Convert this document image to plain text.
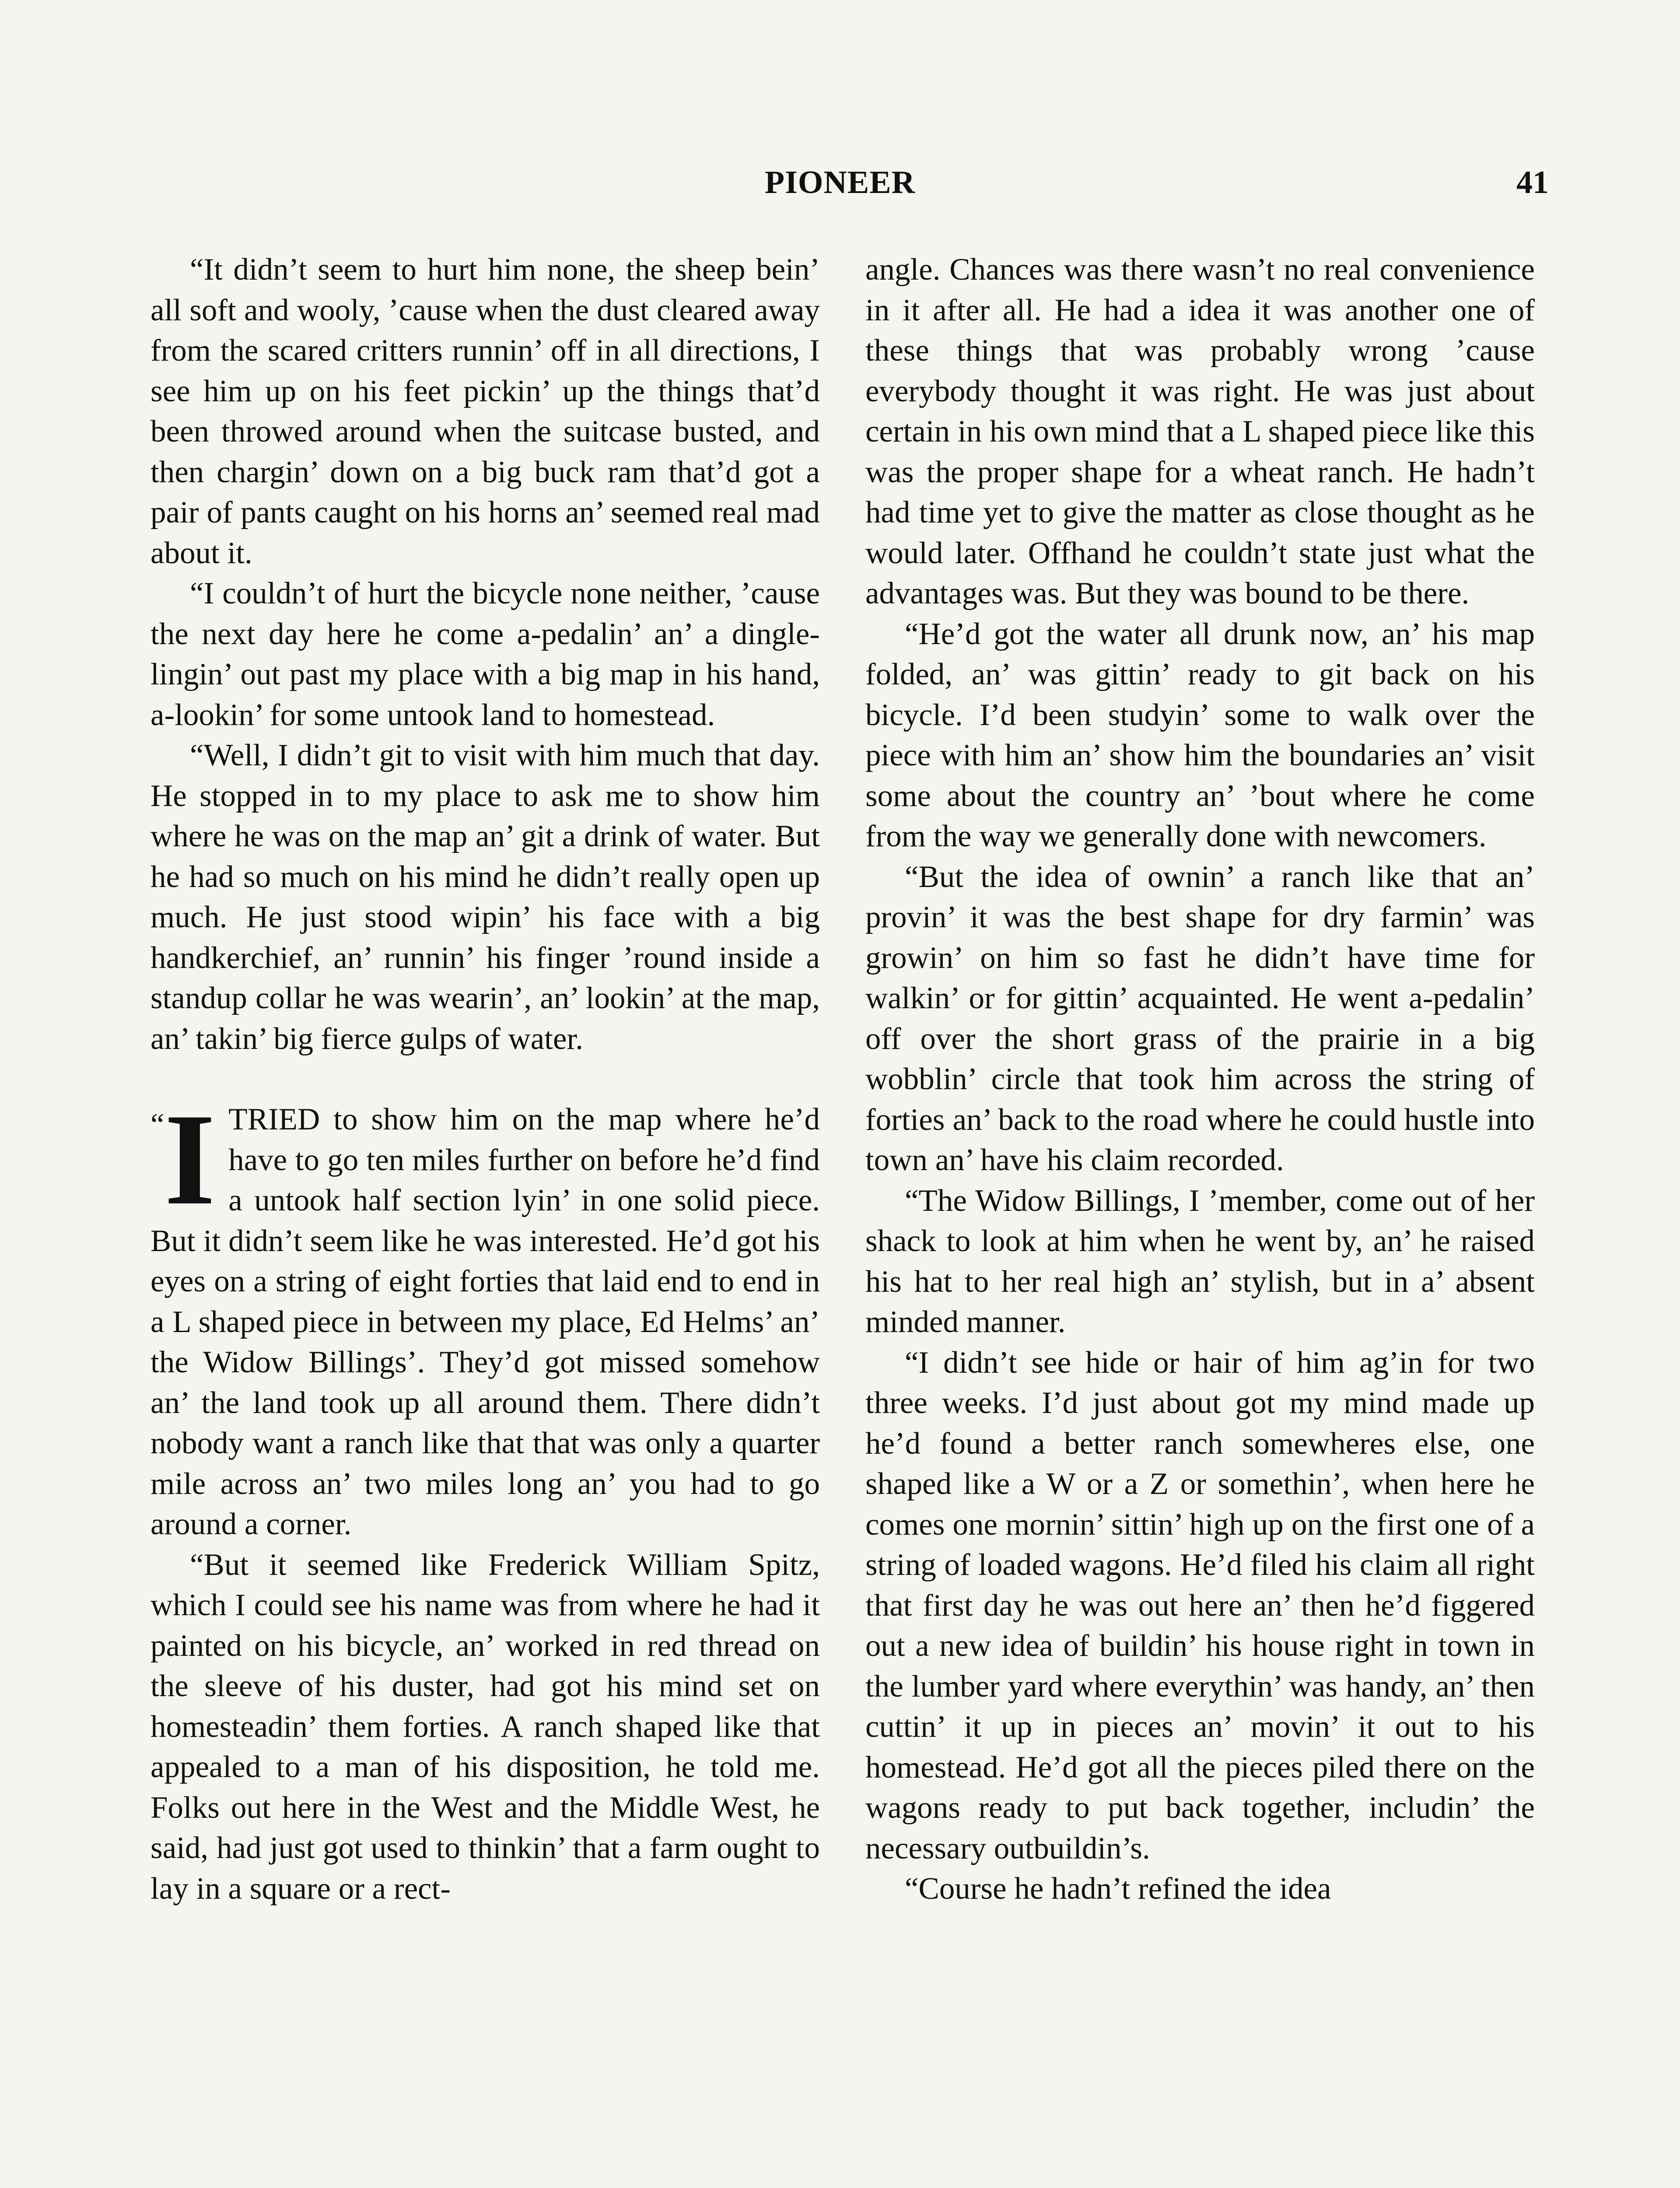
PIONEER	41

“It didn’t seem to hurt him none, the sheep bein’ all soft and wooly, ’cause when the dust cleared away from the scared critters runnin’ off in all directions, I see him up on his feet pickin’ up the things that’d been throwed around when the suitcase busted, and then chargin’ down on a big buck ram that’d got a pair of pants caught on his horns an’ seemed real mad about it.

“I couldn’t of hurt the bicycle none neither, ’cause the next day here he come a-pedalin’ an’ a dingle-lingin’ out past my place with a big map in his hand, a-lookin’ for some untook land to homestead.

“Well, I didn’t git to visit with him much that day. He stopped in to my place to ask me to show him where he was on the map an’ git a drink of water. But he had so much on his mind he didn’t really open up much. He just stood wipin’ his face with a big handkerchief, an’ runnin’ his finger ’round inside a standup collar he was wearin’, an’ lookin’ at the map, an’ takin’ big fierce gulps of water.

“I TRIED to show him on the map where he’d have to go ten miles further on before he’d find a untook half section lyin’ in one solid piece. But it didn’t seem like he was interested. He’d got his eyes on a string of eight forties that laid end to end in a L shaped piece in between my place, Ed Helms’ an’ the Widow Billings’. They’d got missed somehow an’ the land took up all around them. There didn’t nobody want a ranch like that that was only a quarter mile across an’ two miles long an’ you had to go around a corner.

“But it seemed like Frederick William Spitz, which I could see his name was from where he had it painted on his bicycle, an’ worked in red thread on the sleeve of his duster, had got his mind set on homesteadin’ them forties. A ranch shaped like that appealed to a man of his disposition, he told me. Folks out here in the West and the Middle West, he said, had just got used to thinkin’ that a farm ought to lay in a square or a rect-

angle. Chances was there wasn’t no real convenience in it after all. He had a idea it was another one of these things that was probably wrong ’cause everybody thought it was right. He was just about certain in his own mind that a L shaped piece like this was the proper shape for a wheat ranch. He hadn’t had time yet to give the matter as close thought as he would later. Offhand he couldn’t state just what the advantages was. But they was bound to be there.

“He’d got the water all drunk now, an’ his map folded, an’ was gittin’ ready to git back on his bicycle. I’d been studyin’ some to walk over the piece with him an’ show him the boundaries an’ visit some about the country an’ ’bout where he come from the way we generally done with newcomers.

“But the idea of ownin’ a ranch like that an’ provin’ it was the best shape for dry farmin’ was growin’ on him so fast he didn’t have time for walkin’ or for gittin’ acquainted. He went a-pedalin’ off over the short grass of the prairie in a big wobblin’ circle that took him across the string of forties an’ back to the road where he could hustle into town an’ have his claim recorded.

“The Widow Billings, I ’member, come out of her shack to look at him when he went by, an’ he raised his hat to her real high an’ stylish, but in a’ absent minded manner.

“I didn’t see hide or hair of him ag’in for two three weeks. I’d just about got my mind made up he’d found a better ranch somewheres else, one shaped like a W or a Z or somethin’, when here he comes one mornin’ sittin’ high up on the first one of a string of loaded wagons. He’d filed his claim all right that first day he was out here an’ then he’d figgered out a new idea of buildin’ his house right in town in the lumber yard where everythin’ was handy, an’ then cuttin’ it up in pieces an’ movin’ it out to his homestead. He’d got all the pieces piled there on the wagons ready to put back together, includin’ the necessary outbuildin’s.

“Course he hadn’t refined the idea
